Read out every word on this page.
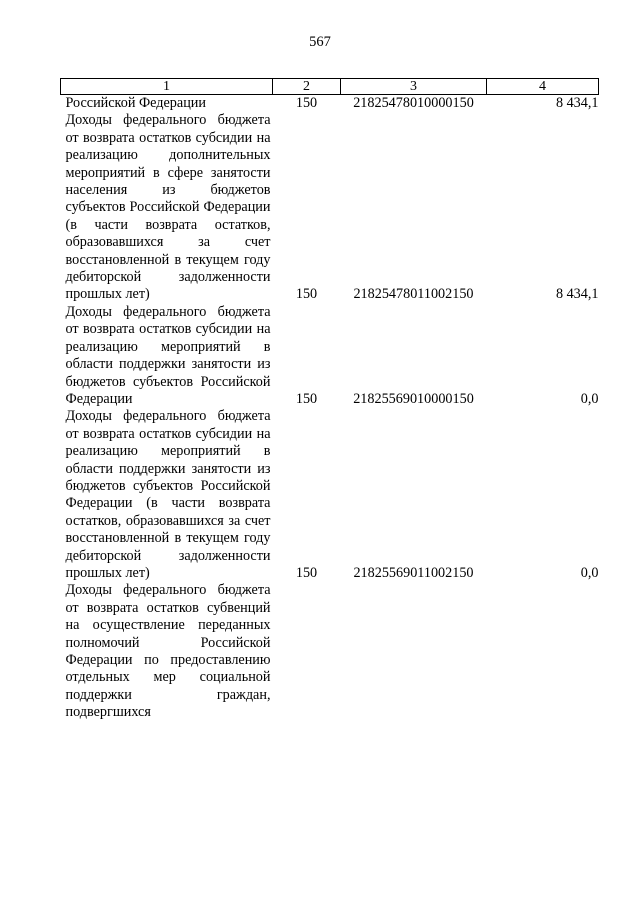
567
1	2	3	4
Российской Федерации	150	21825478010000150	8 434,1
Доходы федерального бюджета от возврата остатков субсидии на реализацию дополнительных мероприятий в сфере занятости населения из бюджетов субъектов Российской Федерации (в части возврата остатков, образовавшихся за счет восстановленной в текущем году дебиторской задолженности прошлых лет)	150	21825478011002150	8 434,1
Доходы федерального бюджета от возврата остатков субсидии на реализацию мероприятий в области поддержки занятости из бюджетов субъектов Российской Федерации	150	21825569010000150	0,0
Доходы федерального бюджета от возврата остатков субсидии на реализацию мероприятий в области поддержки занятости из бюджетов субъектов Российской Федерации (в части возврата остатков, образовавшихся за счет восстановленной в текущем году дебиторской задолженности прошлых лет)	150	21825569011002150	0,0
Доходы федерального бюджета от возврата остатков субвенций на осуществление переданных полномочий Российской Федерации по предоставлению отдельных мер социальной поддержки граждан, подвергшихся			
